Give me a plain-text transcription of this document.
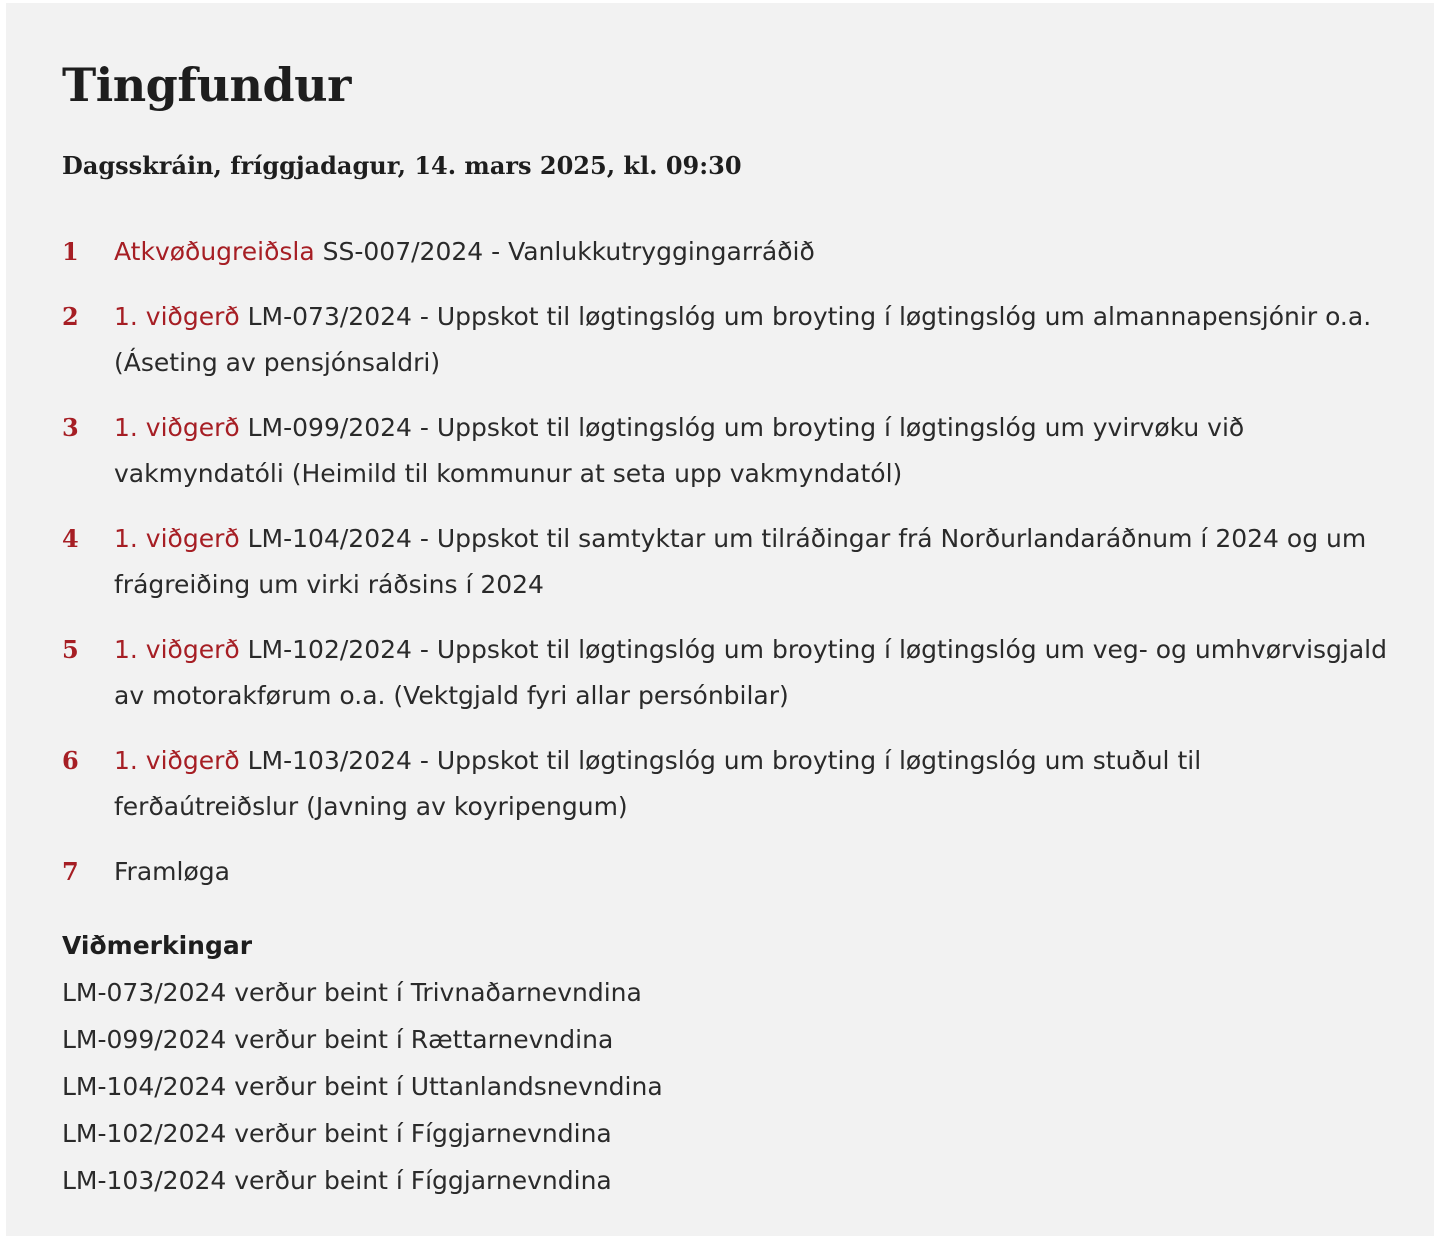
Tingfundur
Dagsskráin, fríggjadagur, 14. mars 2025, kl. 09:30
1 Atkvøðugreiðsla SS-007/2024 - Vanlukkutryggingarráðið
2 1. viðgerð LM-073/2024 - Uppskot til løgtingslóg um broyting í løgtingslóg um almannapensjónir o.a. (Áseting av pensjónsaldri)
3 1. viðgerð LM-099/2024 - Uppskot til løgtingslóg um broyting í løgtingslóg um yvirvøku við vakmyndatóli (Heimild til kommunur at seta upp vakmyndatól)
4 1. viðgerð LM-104/2024 - Uppskot til samtyktar um tilráðingar frá Norðurlandaráðnum í 2024 og um frágreiðing um virki ráðsins í 2024
5 1. viðgerð LM-102/2024 - Uppskot til løgtingslóg um broyting í løgtingslóg um veg- og umhvørvisgjald av motorakførum o.a. (Vektgjald fyri allar persónbilar)
6 1. viðgerð LM-103/2024 - Uppskot til løgtingslóg um broyting í løgtingslóg um stuðul til ferðaútreiðslur (Javning av koyripengum)
7 Framløga
Viðmerkingar
LM-073/2024 verður beint í Trivnaðarnevndina
LM-099/2024 verður beint í Rættarnevndina
LM-104/2024 verður beint í Uttanlandsnevndina
LM-102/2024 verður beint í Fíggjarnevndina
LM-103/2024 verður beint í Fíggjarnevndina
